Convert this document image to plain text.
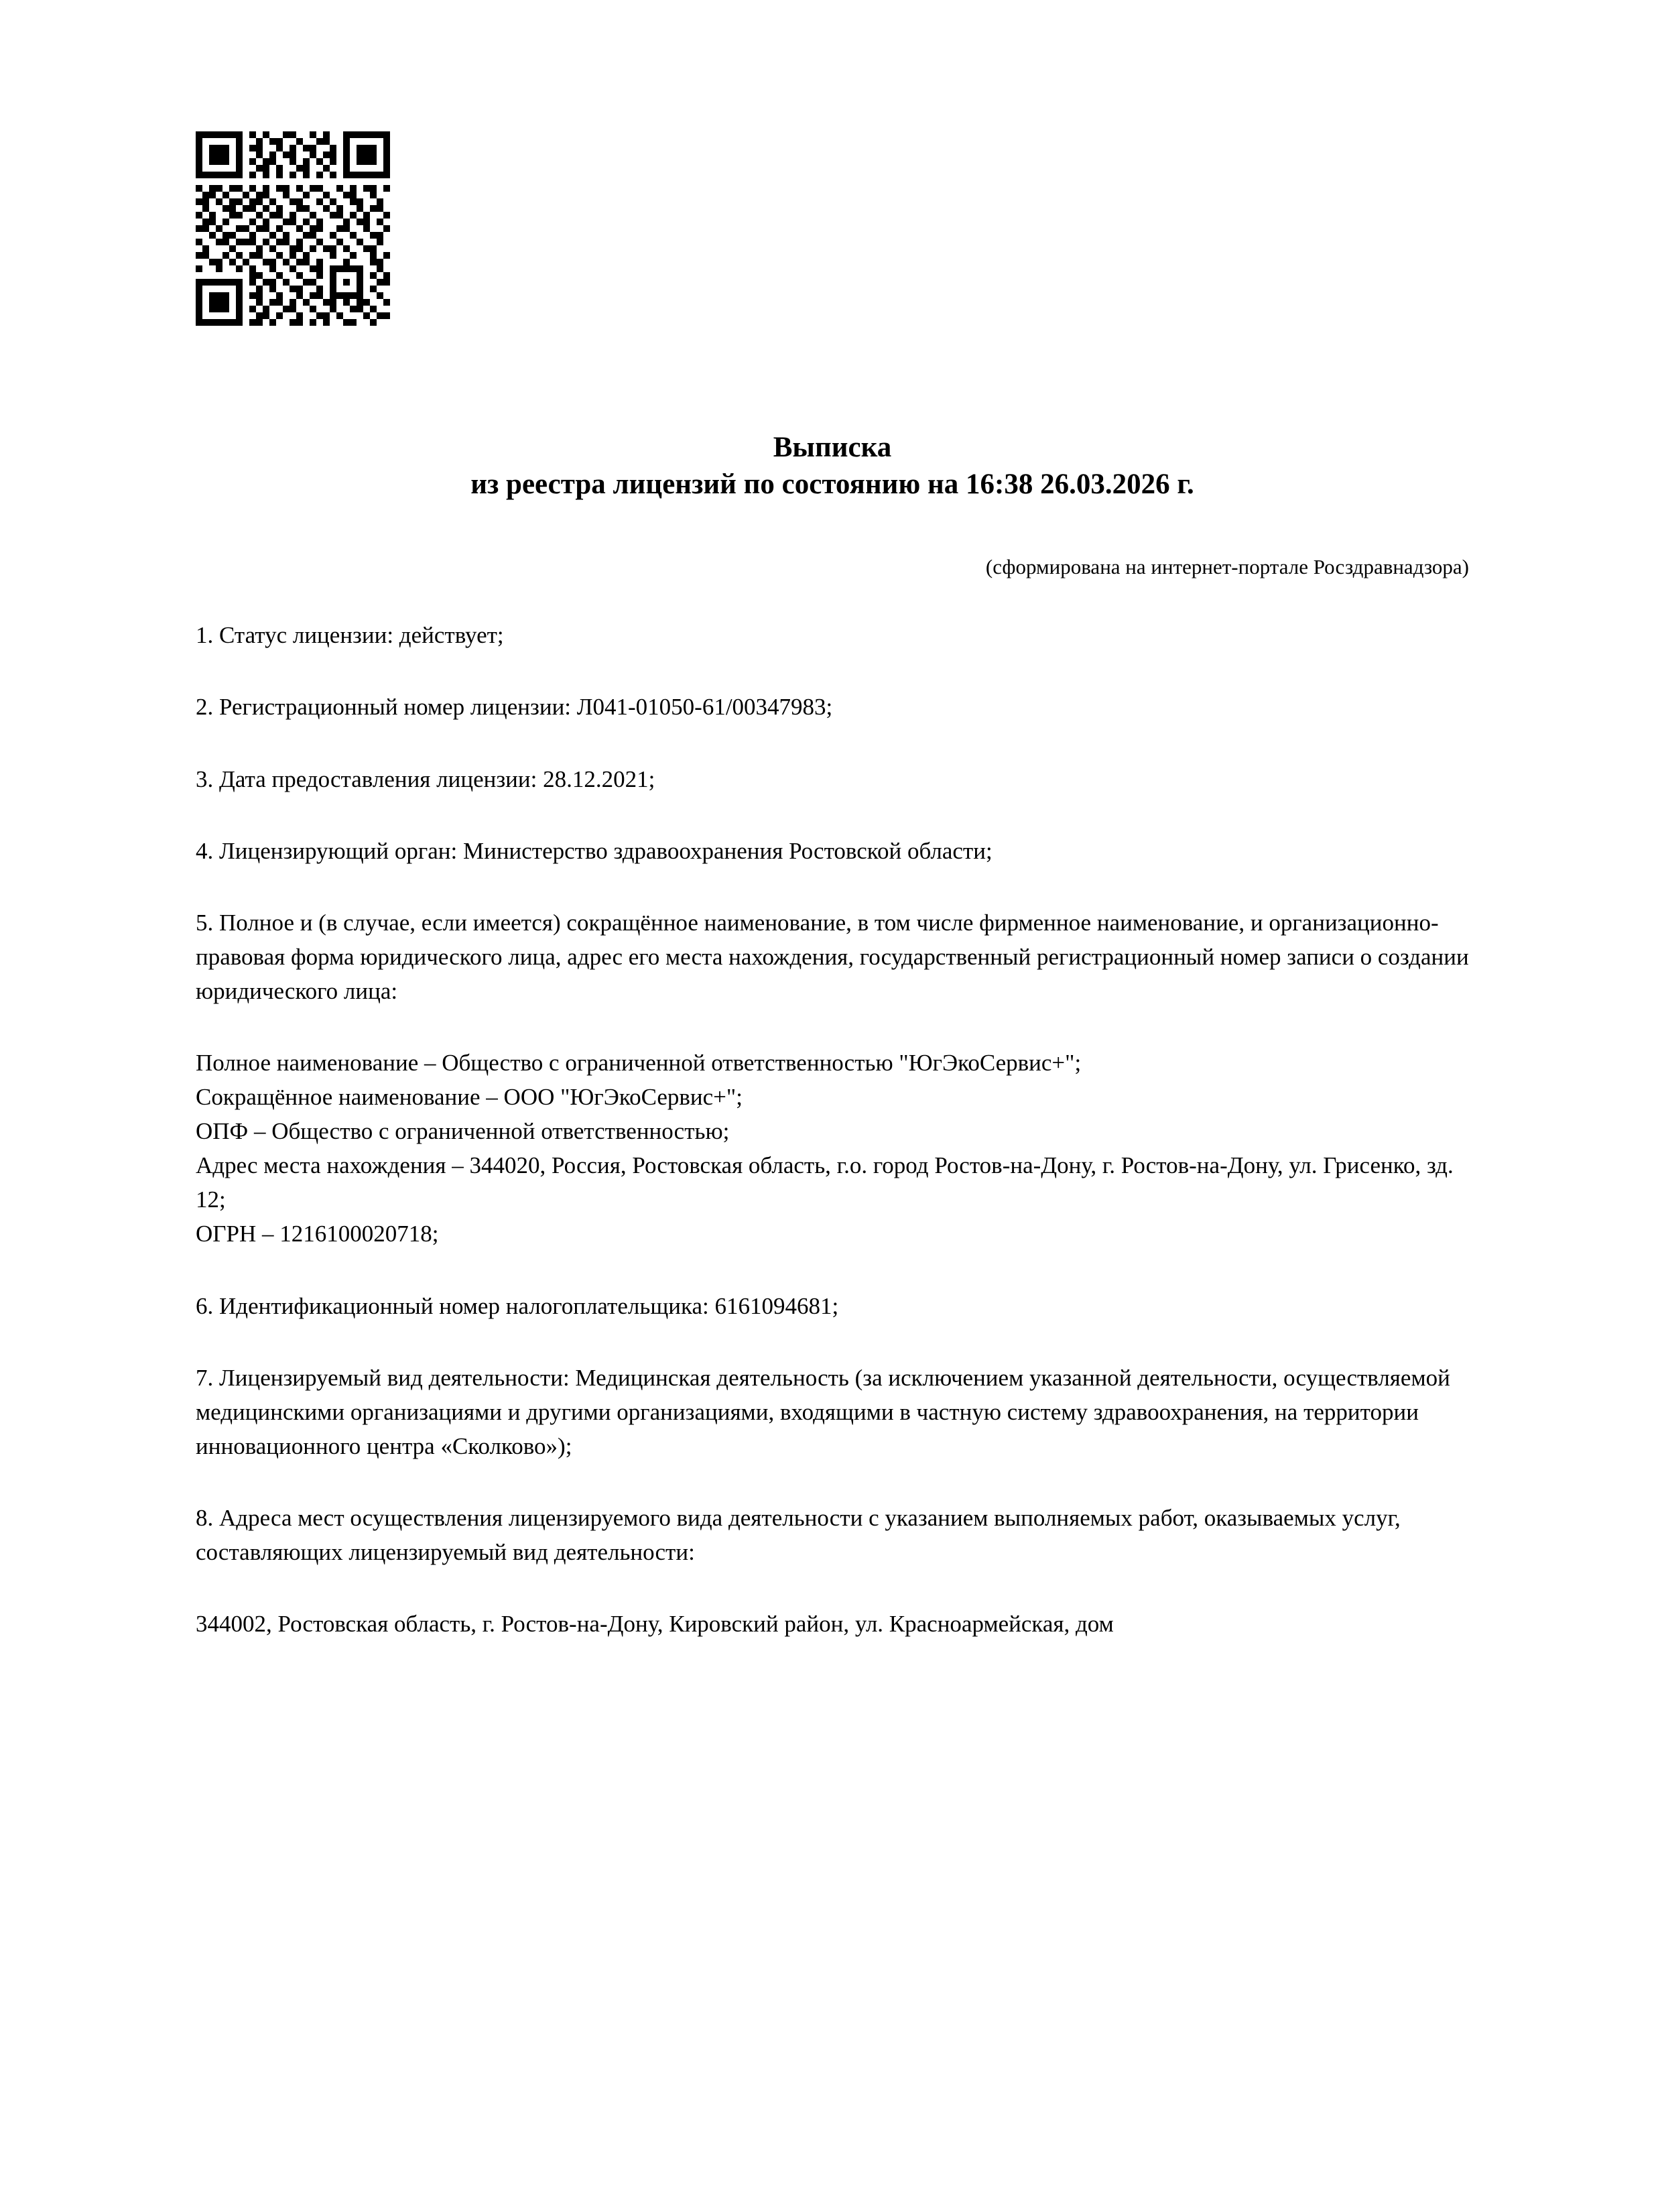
Выписка
из реестра лицензий по состоянию на 16:38 26.03.2026 г.
(сформирована на интернет-портале Росздравнадзора)

1. Статус лицензии: действует;

2. Регистрационный номер лицензии: Л041-01050-61/00347983;

3. Дата предоставления лицензии: 28.12.2021;

4. Лицензирующий орган: Министерство здравоохранения Ростовской области;

5. Полное и (в случае, если имеется) сокращённое наименование, в том числе фирменное наименование, и организационно-правовая форма юридического лица, адрес его места нахождения, государственный регистрационный номер записи о создании юридического лица:

Полное наименование – Общество с ограниченной ответственностью "ЮгЭкоСервис+";
Сокращённое наименование – ООО "ЮгЭкоСервис+";
ОПФ – Общество с ограниченной ответственностью;
Адрес места нахождения – 344020, Россия, Ростовская область, г.о. город Ростов-на-Дону, г. Ростов-на-Дону, ул. Грисенко, зд. 12;
ОГРН – 1216100020718;

6. Идентификационный номер налогоплательщика: 6161094681;

7. Лицензируемый вид деятельности: Медицинская деятельность (за исключением указанной деятельности, осуществляемой медицинскими организациями и другими организациями, входящими в частную систему здравоохранения, на территории инновационного центра «Сколково»);

8. Адреса мест осуществления лицензируемого вида деятельности с указанием выполняемых работ, оказываемых услуг, составляющих лицензируемый вид деятельности:

344002, Ростовская область, г. Ростов-на-Дону, Кировский район, ул. Красноармейская, дом
